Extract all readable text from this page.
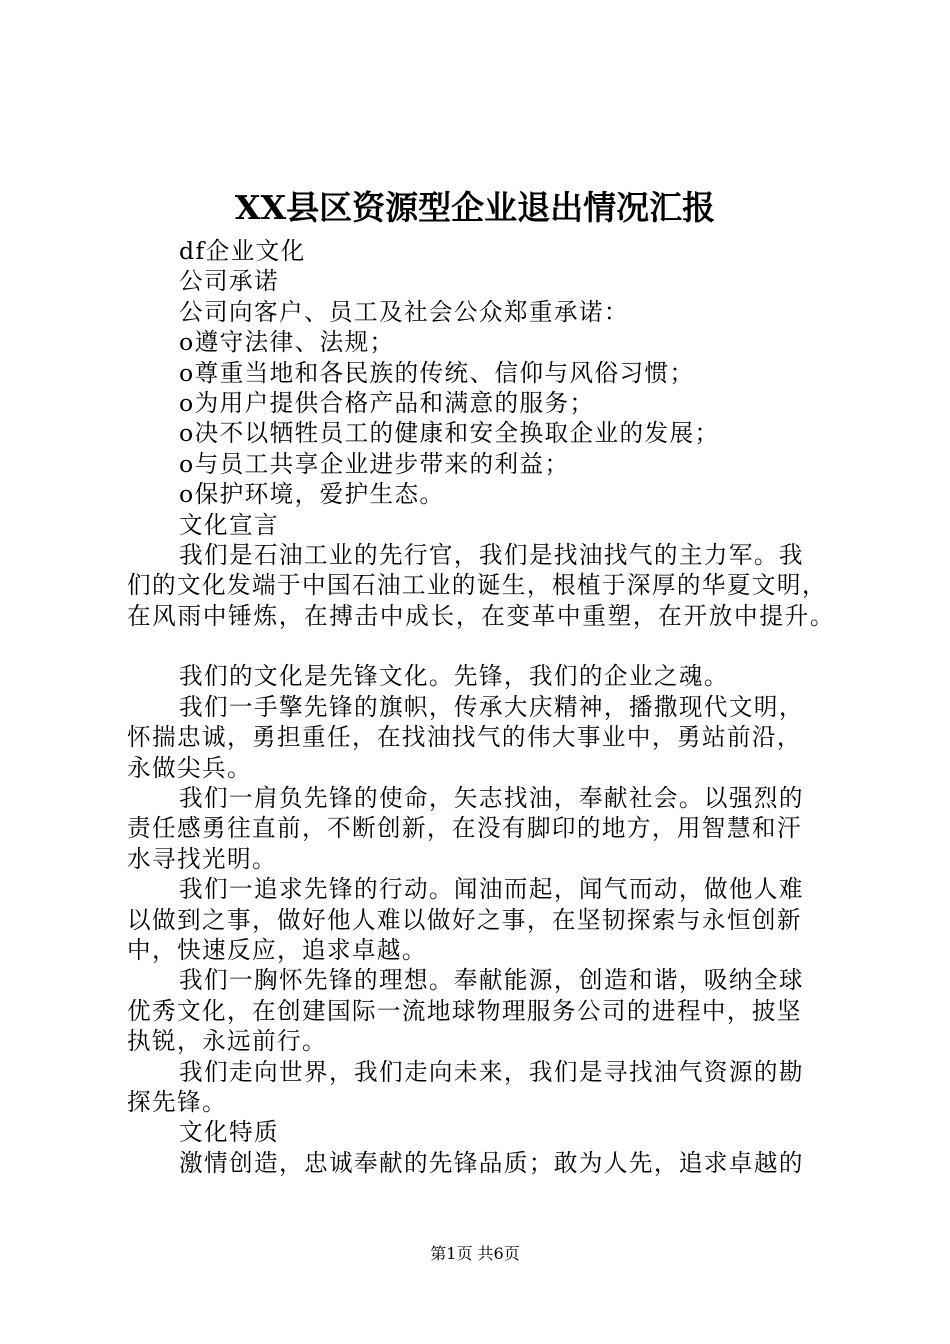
XX县区资源型企业退出情况汇报
df企业文化
公司承诺
公司向客户、员工及社会公众郑重承诺：
o遵守法律、法规；
o尊重当地和各民族的传统、信仰与风俗习惯；
o为用户提供合格产品和满意的服务；
o决不以牺牲员工的健康和安全换取企业的发展；
o与员工共享企业进步带来的利益；
o保护环境，爱护生态。
文化宣言
我们是石油工业的先行官，我们是找油找气的主力军。我
们的文化发端于中国石油工业的诞生，根植于深厚的华夏文明，
在风雨中锤炼，在搏击中成长，在变革中重塑，在开放中提升。
我们的文化是先锋文化。先锋，我们的企业之魂。
我们一手擎先锋的旗帜，传承大庆精神，播撒现代文明，
怀揣忠诚，勇担重任，在找油找气的伟大事业中，勇站前沿，
永做尖兵。
我们一肩负先锋的使命，矢志找油，奉献社会。以强烈的
责任感勇往直前，不断创新，在没有脚印的地方，用智慧和汗
水寻找光明。
我们一追求先锋的行动。闻油而起，闻气而动，做他人难
以做到之事，做好他人难以做好之事，在坚韧探索与永恒创新
中，快速反应，追求卓越。
我们一胸怀先锋的理想。奉献能源，创造和谐，吸纳全球
优秀文化，在创建国际一流地球物理服务公司的进程中，披坚
执锐，永远前行。
我们走向世界，我们走向未来，我们是寻找油气资源的勘
探先锋。
文化特质
激情创造，忠诚奉献的先锋品质；敢为人先，追求卓越的
第1页 共6页
